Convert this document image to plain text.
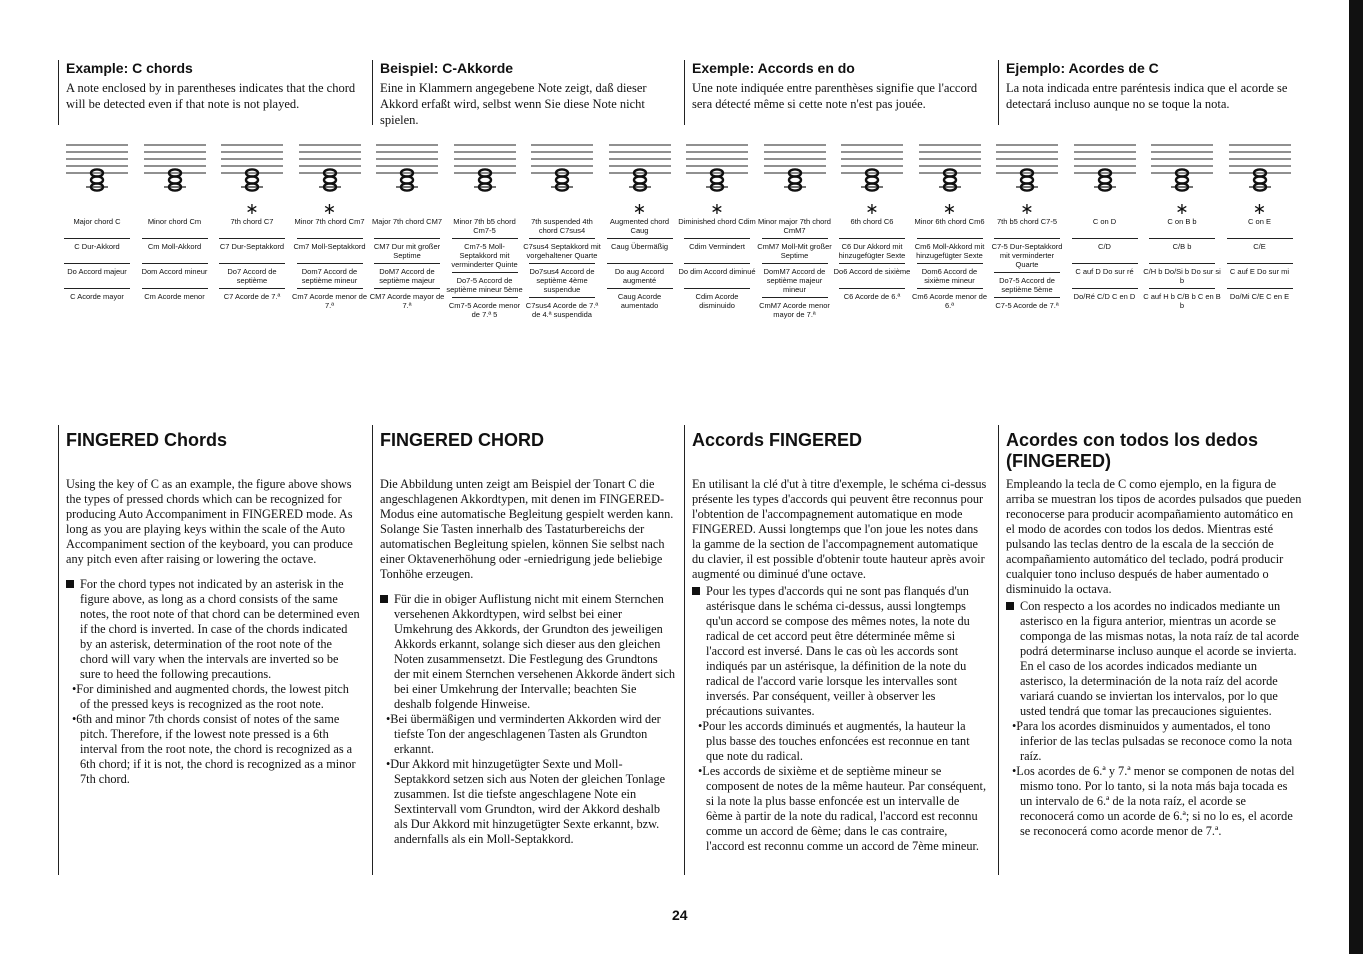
Example: C chords

A note enclosed by in parentheses indicates that the chord will be detected even if that note is not played.

Beispiel: C-Akkorde

Eine in Klammern angegebene Note zeigt, daß dieser Akkord erfaßt wird, selbst wenn Sie diese Note nicht spielen.

Exemple: Accords en do

Une note indiquée entre parenthèses signifie que l'accord sera détecté même si cette note n'est pas jouée.

Ejemplo: Acordes de C

La nota indicada entre paréntesis indica que el acorde se detectará incluso aunque no se toque la nota.

Major chord C
C Dur-Akkord
Do Accord majeur
C Acorde mayor
Minor chord Cm
Cm Moll-Akkord
Dom Accord mineur
Cm Acorde menor
∗
7th chord C7
C7 Dur-Septakkord
Do7 Accord de septième
C7 Acorde de 7.ª
∗
Minor 7th chord Cm7
Cm7 Moll-Septakkord
Dom7 Accord de septième mineur
Cm7 Acorde menor de 7.ª
Major 7th chord CM7
CM7 Dur mit großer Septime
DoM7 Accord de septième majeur
CM7 Acorde mayor de 7.ª
Minor 7th b5 chord Cm7-5
Cm7-5 Moll-Septakkord mit verminderter Quinte
Do7-5 Accord de septième mineur 5ème
Cm7-5 Acorde menor de 7.ª 5
7th suspended 4th chord C7sus4
C7sus4 Septakkord mit vorgehaltener Quarte
Do7sus4 Accord de septième 4ème suspendue
C7sus4 Acorde de 7.ª de 4.ª suspendida
∗
Augmented chord Caug
Caug Übermäßig
Do aug Accord augmenté
Caug Acorde aumentado
∗
Diminished chord Cdim
Cdim Vermindert
Do dim Accord diminué
Cdim Acorde disminuido
Minor major 7th chord CmM7
CmM7 Moll-Mit großer Septime
DomM7 Accord de septième majeur mineur
CmM7 Acorde menor mayor de 7.ª
∗
6th chord C6
C6 Dur Akkord mit hinzugefügter Sexte
Do6 Accord de sixième
C6 Acorde de 6.ª
∗
Minor 6th chord Cm6
Cm6 Moll-Akkord mit hinzugefügter Sexte
Dom6 Accord de sixième mineur
Cm6 Acorde menor de 6.ª
∗
7th b5 chord C7-5
C7-5 Dur-Septakkord mit verminderter Quarte
Do7-5 Accord de septième 5ème
C7-5 Acorde de 7.ª
C on D
C/D
C auf D Do sur ré
Do/Ré C/D C en D
∗
C on B b
C/B b
C/H b Do/Si b Do sur si b
C auf H b C/B b C en B b
∗
C on E
C/E
C auf E Do sur mi
Do/Mi C/E C en E

FINGERED Chords

Using the key of C as an example, the figure above shows the types of pressed chords which can be recognized for producing Auto Accompaniment in FINGERED mode. As long as you are playing keys within the scale of the Auto Accompaniment section of the keyboard, you can produce any pitch even after raising or lowering the octave.

For the chord types not indicated by an asterisk in the figure above, as long as a chord consists of the same notes, the root note of that chord can be determined even if the chord is inverted. In case of the chords indicated by an asterisk, determination of the root note of the chord will vary when the intervals are inverted so be sure to heed the following precautions.

•For diminished and augmented chords, the lowest pitch of the pressed keys is recognized as the root note.

•6th and minor 7th chords consist of notes of the same pitch. Therefore, if the lowest note pressed is a 6th interval from the root note, the chord is recognized as a 6th chord; if it is not, the chord is recognized as a minor 7th chord.

FINGERED CHORD

Die Abbildung unten zeigt am Beispiel der Tonart C die angeschlagenen Akkordtypen, mit denen im FINGERED-Modus eine automatische Begleitung gespielt werden kann. Solange Sie Tasten innerhalb des Tastaturbereichs der automatischen Begleitung spielen, können Sie selbst nach einer Oktavenerhöhung oder -erniedrigung jede beliebige Tonhöhe erzeugen.

Für die in obiger Auflistung nicht mit einem Sternchen versehenen Akkordtypen, wird selbst bei einer Umkehrung des Akkords, der Grundton des jeweiligen Akkords erkannt, solange sich dieser aus den gleichen Noten zusammensetzt. Die Festlegung des Grundtons der mit einem Sternchen versehenen Akkorde ändert sich bei einer Umkehrung der Intervalle; beachten Sie deshalb folgende Hinweise.

•Bei übermäßigen und verminderten Akkorden wird der tiefste Ton der angeschlagenen Tasten als Grundton erkannt.

•Dur Akkord mit hinzugetügter Sexte und Moll-Septakkord setzen sich aus Noten der gleichen Tonlage zusammen. Ist die tiefste angeschlagene Note ein Sextintervall vom Grundton, wird der Akkord deshalb als Dur Akkord mit hinzugetügter Sexte erkannt, bzw. andernfalls als ein Moll-Septakkord.

Accords FINGERED

En utilisant la clé d'ut à titre d'exemple, le schéma ci-dessus présente les types d'accords qui peuvent être reconnus pour l'obtention de l'accompagnement automatique en mode FINGERED. Aussi longtemps que l'on joue les notes dans la gamme de la section de l'accompagnement automatique du clavier, il est possible d'obtenir toute hauteur après avoir augmenté ou diminué d'une octave.

Pour les types d'accords qui ne sont pas flanqués d'un astérisque dans le schéma ci-dessus, aussi longtemps qu'un accord se compose des mêmes notes, la note du radical de cet accord peut être déterminée même si l'accord est inversé. Dans le cas où les accords sont indiqués par un astérisque, la définition de la note du radical de l'accord varie lorsque les intervalles sont inversés. Par conséquent, veiller à observer les précautions suivantes.

•Pour les accords diminués et augmentés, la hauteur la plus basse des touches enfoncées est reconnue en tant que note du radical.

•Les accords de sixième et de septième mineur se composent de notes de la même hauteur. Par conséquent, si la note la plus basse enfoncée est un intervalle de 6ème à partir de la note du radical, l'accord est reconnu comme un accord de 6ème; dans le cas contraire, l'accord est reconnu comme un accord de 7ème mineur.

Acordes con todos los dedos (FINGERED)

Empleando la tecla de C como ejemplo, en la figura de arriba se muestran los tipos de acordes pulsados que pueden reconocerse para producir acompañamiento automático en el modo de acordes con todos los dedos. Mientras esté pulsando las teclas dentro de la escala de la sección de acompañamiento automático del teclado, podrá producir cualquier tono incluso después de haber aumentado o disminuido la octava.

Con respecto a los acordes no indicados mediante un asterisco en la figura anterior, mientras un acorde se componga de las mismas notas, la nota raíz de tal acorde podrá determinarse incluso aunque el acorde se invierta. En el caso de los acordes indicados mediante un asterisco, la determinación de la nota raíz del acorde variará cuando se inviertan los intervalos, por lo que usted tendrá que tomar las precauciones siguientes.

•Para los acordes disminuidos y aumentados, el tono inferior de las teclas pulsadas se reconoce como la nota raíz.

•Los acordes de 6.ª y 7.ª menor se componen de notas del mismo tono. Por lo tanto, si la nota más baja tocada es un intervalo de 6.ª de la nota raíz, el acorde se reconocerá como un acorde de 6.ª; si no lo es, el acorde se reconocerá como acorde menor de 7.ª.

24
